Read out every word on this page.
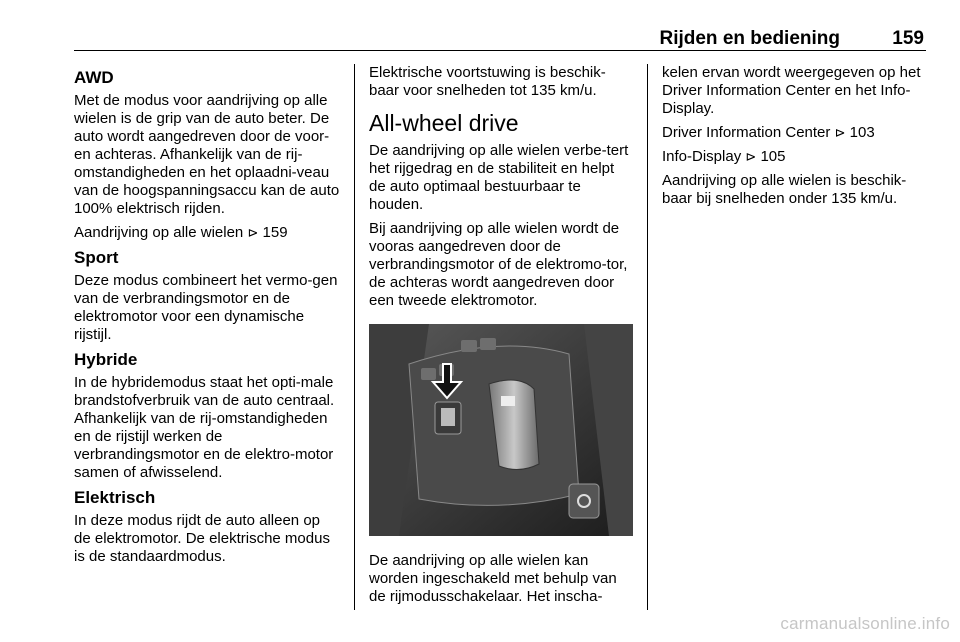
Rijden en bediening	159
AWD

Met de modus voor aandrijving op alle wielen is de grip van de auto beter. De auto wordt aangedreven door de voor- en achteras. Afhankelijk van de rij-omstandigheden en het oplaadni-veau van de hoogspanningsaccu kan de auto 100% elektrisch rijden.

Aandrijving op alle wielen ⊳ 159

Sport

Deze modus combineert het vermo-gen van de verbrandingsmotor en de elektromotor voor een dynamische rijstijl.

Hybride

In de hybridemodus staat het opti-male brandstofverbruik van de auto centraal. Afhankelijk van de rij-omstandigheden en de rijstijl werken de verbrandingsmotor en de elektro-motor samen of afwisselend.

Elektrisch

In deze modus rijdt de auto alleen op de elektromotor. De elektrische modus is de standaardmodus.

Elektrische voortstuwing is beschik-baar voor snelheden tot 135 km/u.

All-wheel drive

De aandrijving op alle wielen verbe-tert het rijgedrag en de stabiliteit en helpt de auto optimaal bestuurbaar te houden.

Bij aandrijving op alle wielen wordt de vooras aangedreven door de verbrandingsmotor of de elektromo-tor, de achteras wordt aangedreven door een tweede elektromotor.

De aandrijving op alle wielen kan worden ingeschakeld met behulp van de rijmodusschakelaar. Het inscha-

kelen ervan wordt weergegeven op het Driver Information Center en het Info-Display.

Driver Information Center ⊳ 103

Info-Display ⊳ 105

Aandrijving op alle wielen is beschik-baar bij snelheden onder 135 km/u.

carmanualsonline.info
